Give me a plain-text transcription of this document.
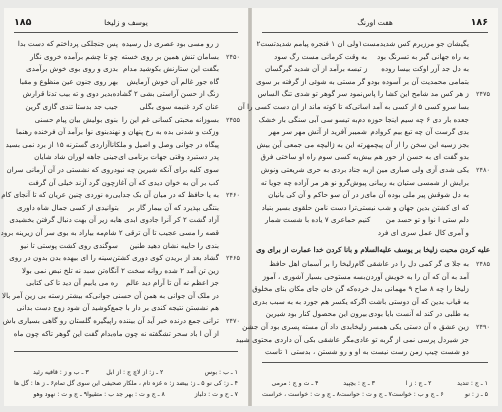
۱۸۵	یوسف و زلیخا
ز رو مسی بود عصری دل رسیده
پس جنجلکی پرداختم که دست بدا
۲۴۵۰
بسامان تنش همین بر روی خسته
چو تا چشم برآمده خروی نگار
بگفت این ستارنش بکوشید مدام
بدزی و روی بوی خوش برآمدی
گاه جور غالم آن خوش آزمایش
بهر روی جنون عین منظوع و مقبا
زنگ از حسن آراستی بشی ۲ گشاده
بدیر دوی و ته بیب تدنا قرارش
عنان کرد غنیمه سوی بگلی
جیب جد بدستا تندی گازی گرین
۲۴۵۵
بسوزانه محبتی کسانی غم این را
بنوی بولیش بیان پیام حسنی
وزکت و شدنی بده به رخ پنهان و نهند
بنوی نوا برآمد آن فرخنده رهنما
پیگاه در جوانی وصل و اصیل و ملکانا
آزاردی گسترنه ۱۵ از برد نمی بسید
پدر دستبرد وقتی جهات برنامی ای
جینی جاهه لوران شاد شایان
سوی کلیه برای آنکه شیرین چه نبود
روی که نشستی در آن آرمانی سران
کب بر آن به خوان دیدی که آن آغاز
چون گرد آزند خیلی آن گرفت
۲۴۶۰
به یا حافظ که در میان آن بک جدایی
ره نوردی چنین عریان که تا آنجای کام
بنتگی بپذیرد که آن بیمار گار بر
بتوانیدی از کسی جمال شاه داوری
آزاد گشت ۲ کر آنرا جادوی ابدی ها
به زیر آن بهت دنبال گرفتن بخشیدی
قصه را مسی عجیب تا آن ترقی ۲ شام
مه بیاراد به بوی سر آن زیرینه برود
بندی را حاییه نشان دهید طنین
سوگندی روی کشت پوستی تا نیو
۲۴۶۵
گشاد بعد از بریدن کوی دوری کشتن
سینه را ای بیهده بدن بدون در روی
زین تن آمد ۲ شده روانه سخت ۲ آنگاه
تن سبد نه تلخ نبض نمی بولا
جز اعظم نه آن تا آرام دید عالم
ره می یابیم آن دید تا کی کتابی
در ملک آن جوانی به همن آن حسنی جوانی
که بیشتر زسته بی زین آمر بالا
هم نشستن نتیجه کندی بر دار با جمع
کوشید آن شود زوج دست بدانی
۲۴۷۰
ترانی جمع درنده خبر آید آن بیننده را
پیگیره گلستان رو گاهی بسیاری باش
از آن ا باد سحر تشگفته نه چون ماه
بدام گفت این گوهر تاکه چون ماه
۱ ـ ب : بوس
۲ ـ ز: از لاچ ج : از ابل
۳ ـ ب و ز : قافیه رئید
۴ ـ ز: کی نو
۵ ـ ز: بیضد ز: ه غزه تام ، ملکار صحیفی این سوی گل تمام
۶ ـ ز ها : گل ها
۷ ـ ح و ت : دلباز
۸ ـ ج و ت : بهر جد ب : متقیوا
۹ ـ ج و ت : نهود وهو
۱۸۶
هفت اورنگ
یگیشان جو مرزیرم کس شدیدمست۱
ولی ان ۱ فنجره پیامم شدیدتست۲
به راه جهانی گیر به تسرنگ بود
به وقت کرمانی مست رگ سود
به دل جد آزر اوکت بیسا روده
ز تیسه برآمد از آن شدید گیرگسان
بتمامی محمدیت آن بر آسوده بود
و گر مستی به شوئی از گرفته بر سوی
۲۴۷۵
ز هر کس مد شامح این کشا را پاس
نمود سر گوهر تو شدی تنگ الساس
بسا سرو کسی ۵ از کسی به آمد اساتی
که تا کوته ماند از ان دست کسی را آن
جعده بار دی ۶ چه سیم اینجا حوزه دم
به تیسو سی آبی سنگی بار خشک
بدی گرست آن چه تبع بیم کروادم
شمیبر آفرید از آتش مهر سر مهر
بجز زسیه این سخن را از آن پیچمهر
ته این به ژالیچه می جمعی آین بیش
بدو گفت ای به حسن از حور هم بیش
به کسی سوم راه او ساختی فرق
۲۴۸۰
یکی شدی آزی ولی صباری مین از
به جناد بردی به حری شریعتی ونوش
برایش از شمسی ستیان به ریبانی پیوش
گرو نو هر مر آزاده چه جویا ته
به دل شوقش پیر ملی بوده آن مای
ز در آن سو حاکم و آن کی بانیان
که ای کشتن بدین جهان و شب نیستی
ترا دست نامن حلقوی بسیر بنیاد
دلم ستی ا نوا و تو حسد من
کنیم حماعری ۷ یاده با شست شمار
و آمری کال عمل سری ای فرد
عليه کردن محبت زليخا بر يوسف عليه‌السلام و بانا کردن خدا عمارت از برای وی
۲۴۸۵
به جلا ی گر کمی دل را در عاشقی گام
زلیخا را بر آسمان اهل حافظ
آمد به آن که آن را به خویش آوردن
بسه مستوحی بسیار آشوری ، آموز
زلیخا را چه ۸ صاح ۹ مهمانی بدل خرده
که گن خان جای مکان بنای مخلوق
به قیاب بدین که آن دوستی باشت اگر
که یکسر هم جورد به به سبب بدری
به طلبی در کند له آنست بایا بودی
بیرون این محصول کنار بود شیرین
۲۴۹۰
زین عشق ه آن دستی یکی همسر زلیخا
بدی داد آن مسته پسری بود آن جشن
جز شیردل پرسی نمی از گربه تو عادی
مگر عاشقی بکی آن داردی محتوی شبید
دو شست چیپ زمن رست نیست
به او و رو شستن ، بدستی ۱ تاست
۱ ـ ج : تندید
۲ ـ ج : ز ا
۳ ـ ج : بچپید
۴ ـ ت و ج : مرمی
۵ ـ ز : نو
۶ ـ ج و ب : خواست
۷ ـ ج و ت : حواست
۸ ـ ج و ت : خواست ، خراست
